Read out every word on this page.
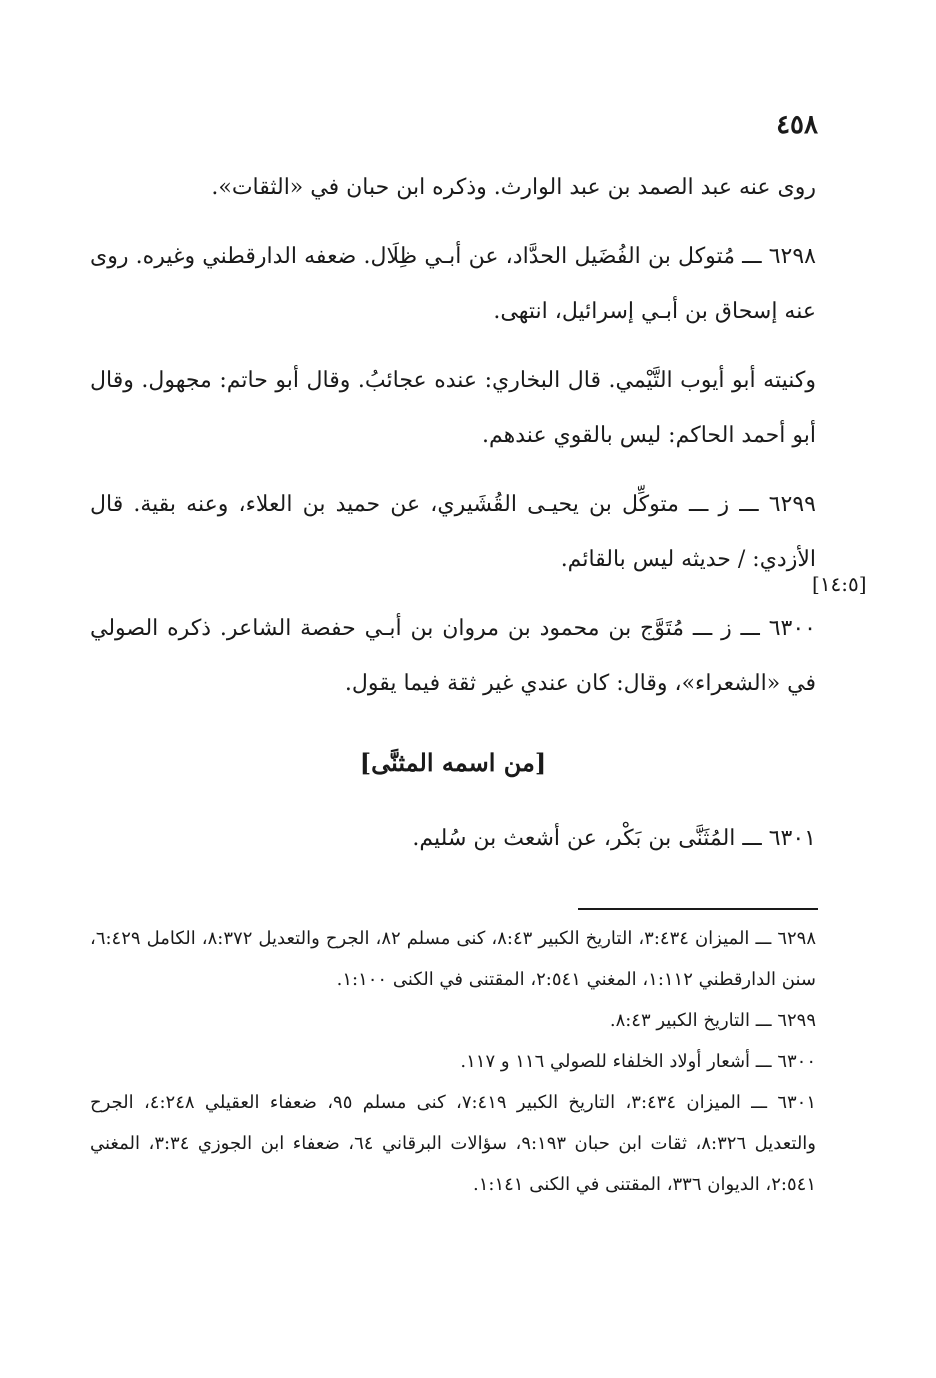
٤٥٨
[١٤:٥]

روى عنه عبد الصمد بن عبد الوارث. وذكره ابن حبان في «الثقات».

٦٢٩٨ ـــ مُتوكل بن الفُضَيل الحدَّاد، عن أبـي ظِلَال. ضعفه الدارقطني وغيره. روى عنه إسحاق بن أبـي إسرائيل، انتهى.

وكنيته أبو أيوب التَّيْمي. قال البخاري: عنده عجائبُ. وقال أبو حاتم: مجهول. وقال أبو أحمد الحاكم: ليس بالقوي عندهم.

٦٢٩٩ ـــ ز ـــ متوكِّل بن يحيـى القُشَيري، عن حميد بن العلاء، وعنه بقية. قال الأزدي: / حديثه ليس بالقائم.

٦٣٠٠ ـــ ز ـــ مُتَوَّج بن محمود بن مروان بن أبـي حفصة الشاعر. ذكره الصولي في «الشعراء»، وقال: كان عندي غير ثقة فيما يقول.

[من اسمه المثنَّى]

٦٣٠١ ـــ المُثَنَّى بن بَكْر، عن أشعث بن سُليم.

٦٢٩٨ ـــ الميزان ٣:٤٣٤، التاريخ الكبير ٨:٤٣، كنى مسلم ٨٢، الجرح والتعديل ٨:٣٧٢، الكامل ٦:٤٢٩، سنن الدارقطني ١:١١٢، المغني ٢:٥٤١، المقتنى في الكنى ١:١٠٠.

٦٢٩٩ ـــ التاريخ الكبير ٨:٤٣.

٦٣٠٠ ـــ أشعار أولاد الخلفاء للصولي ١١٦ و ١١٧.

٦٣٠١ ـــ الميزان ٣:٤٣٤، التاريخ الكبير ٧:٤١٩، كنى مسلم ٩٥، ضعفاء العقيلي ٤:٢٤٨، الجرح والتعديل ٨:٣٢٦، ثقات ابن حبان ٩:١٩٣، سؤالات البرقاني ٦٤، ضعفاء ابن الجوزي ٣:٣٤، المغني ٢:٥٤١، الديوان ٣٣٦، المقتنى في الكنى ١:١٤١.
